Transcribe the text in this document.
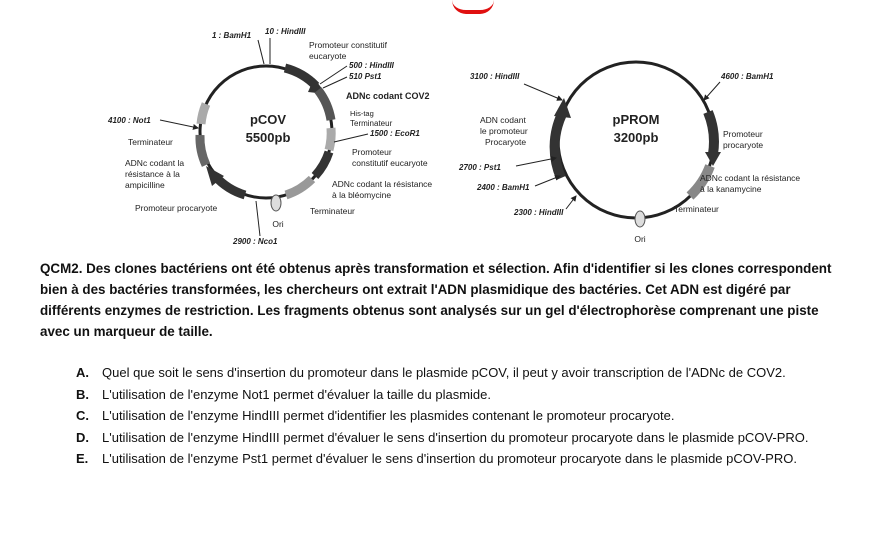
pCOV
5500pb
1 : BamH1 10 : HindIII
Promoteur constitutif
eucaryote
500 : HindIII
510 Pst1
ADNc codant COV2
His-tag
Terminateur
1500 : EcoR1
Promoteur
constitutif eucaryote
ADNc codant la résistance
à la bléomycine
Terminateur
Ori
2900 : Nco1
4100 : Not1
Terminateur
ADNc codant la
résistance à la
ampicilline
Promoteur procaryote
pPROM
3200pb
3100 : HindIII	4600 : BamH1
ADN codant
le promoteur
Procaryote
2700 : Pst1
2400 : BamH1
2300 : HindIII
Promoteur
procaryote
ADNc codant la résistance
à la kanamycine
Terminateur
Ori
QCM2. Des clones bactériens ont été obtenus après transformation et sélection. Afin d'identifier si les clones correspondent bien à des bactéries transformées, les chercheurs ont extrait l'ADN plasmidique des bactéries. Cet ADN est digéré par différents enzymes de restriction. Les fragments obtenus sont analysés sur un gel d'électrophorèse comprenant une piste avec un marqueur de taille.
A. Quel que soit le sens d'insertion du promoteur dans le plasmide pCOV, il peut y avoir transcription de l'ADNc de COV2.
B. L'utilisation de l'enzyme Not1 permet d'évaluer la taille du plasmide.
C. L'utilisation de l'enzyme HindIII permet d'identifier les plasmides contenant le promoteur procaryote.
D. L'utilisation de l'enzyme HindIII permet d'évaluer le sens d'insertion du promoteur procaryote dans le plasmide pCOV-PRO.
E. L'utilisation de l'enzyme Pst1 permet d'évaluer le sens d'insertion du promoteur procaryote dans le plasmide pCOV-PRO.
